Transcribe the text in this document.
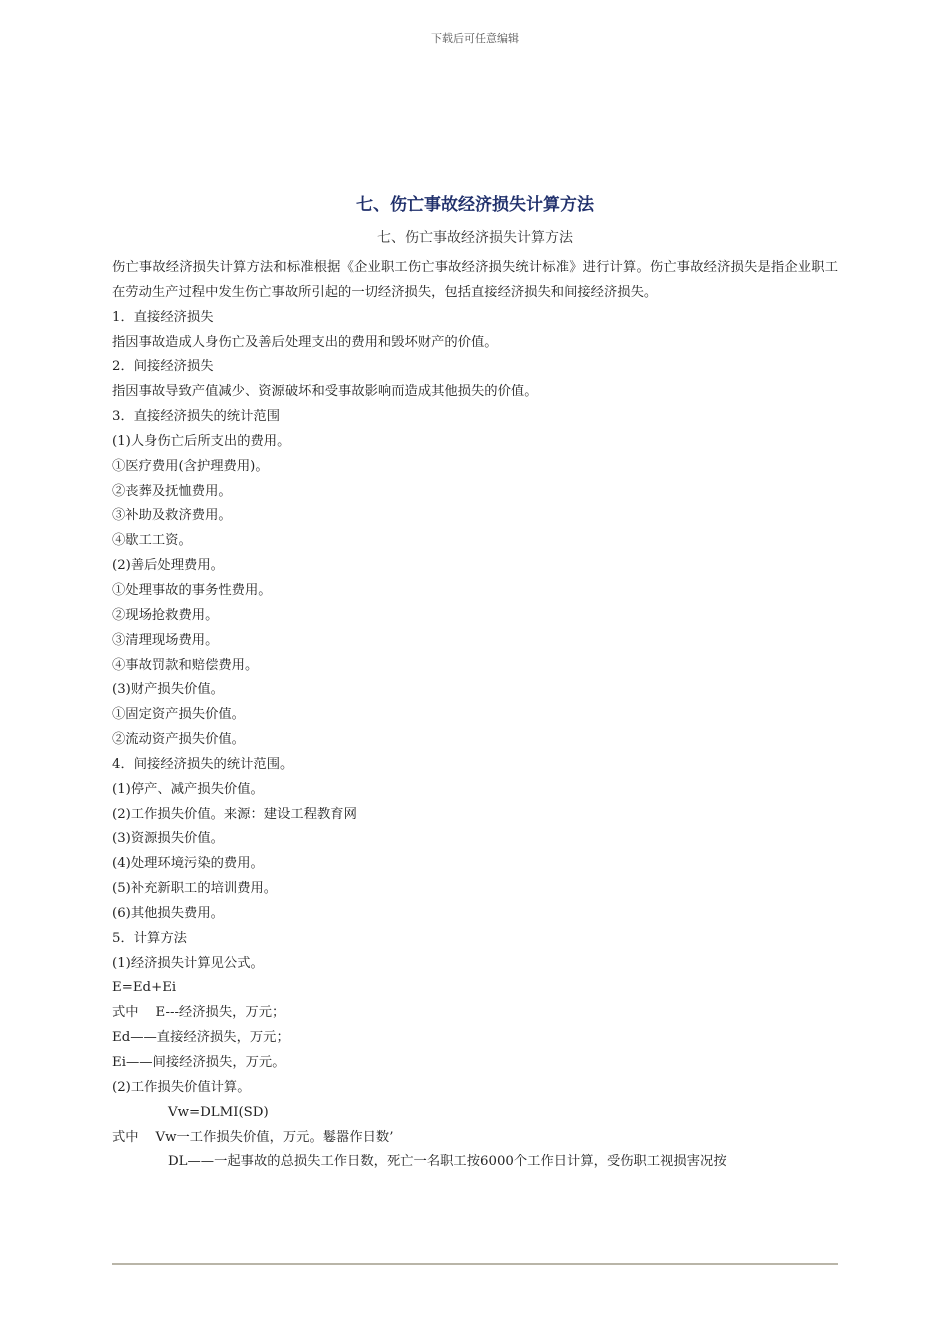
下载后可任意编辑
七、伤亡事故经济损失计算方法
七、伤亡事故经济损失计算方法

伤亡事故经济损失计算方法和标准根据《企业职工伤亡事故经济损失统计标准》进行计算。伤亡事故经济损失是指企业职工在劳动生产过程中发生伤亡事故所引起的一切经济损失，包括直接经济损失和间接经济损失。

1．直接经济损失

指因事故造成人身伤亡及善后处理支出的费用和毁坏财产的价值。

2．间接经济损失

指因事故导致产值减少、资源破坏和受事故影响而造成其他损失的价值。

3．直接经济损失的统计范围

(1)人身伤亡后所支出的费用。

①医疗费用(含护理费用)。

②丧葬及抚恤费用。

③补助及救济费用。

④歇工工资。

(2)善后处理费用。

①处理事故的事务性费用。

②现场抢救费用。

③清理现场费用。

④事故罚款和赔偿费用。

(3)财产损失价值。

①固定资产损失价值。

②流动资产损失价值。

4．间接经济损失的统计范围。

(1)停产、减产损失价值。

(2)工作损失价值。来源：建设工程教育网

(3)资源损失价值。

(4)处理环境污染的费用。

(5)补充新职工的培训费用。

(6)其他损失费用。

5．计算方法

(1)经济损失计算见公式。

E=Ed+Ei

式中    E---经济损失，万元；

Ed——直接经济损失，万元；

Ei——间接经济损失，万元。

(2)工作损失价值计算。

Vw=DLMI(SD)

式中    Vw一工作损失价值，万元。鬈嚣作日数’

DL——一起事故的总损失工作日数，死亡一名职工按6000个工作日计算，受伤职工视损害况按
